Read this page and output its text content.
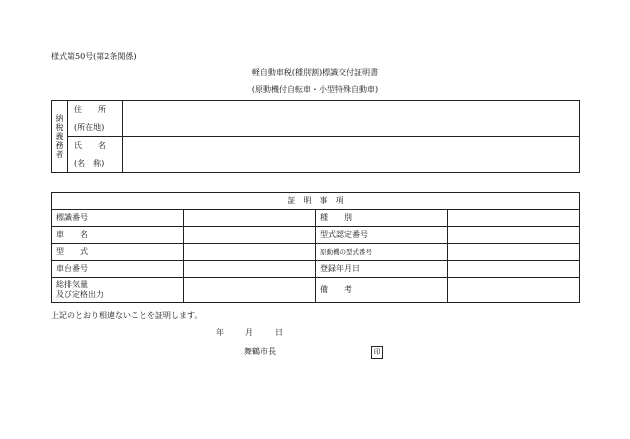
様式第50号(第2条関係)
軽自動車税(種別割)標識交付証明書
(原動機付自転車・小型特殊自動車)
納税義務者	住　　所
(所在地)	

	氏　　名
(名　称)	

証　明　事　項			

標識番号		種　　別	
車　　名		型式認定番号	
型　　式		原動機の型式番号	
車台番号		登録年月日	
総排気量
及び定格出力		備　　考	
上記のとおり相違ないことを証明します。
年	月	日
舞鶴市長	印
